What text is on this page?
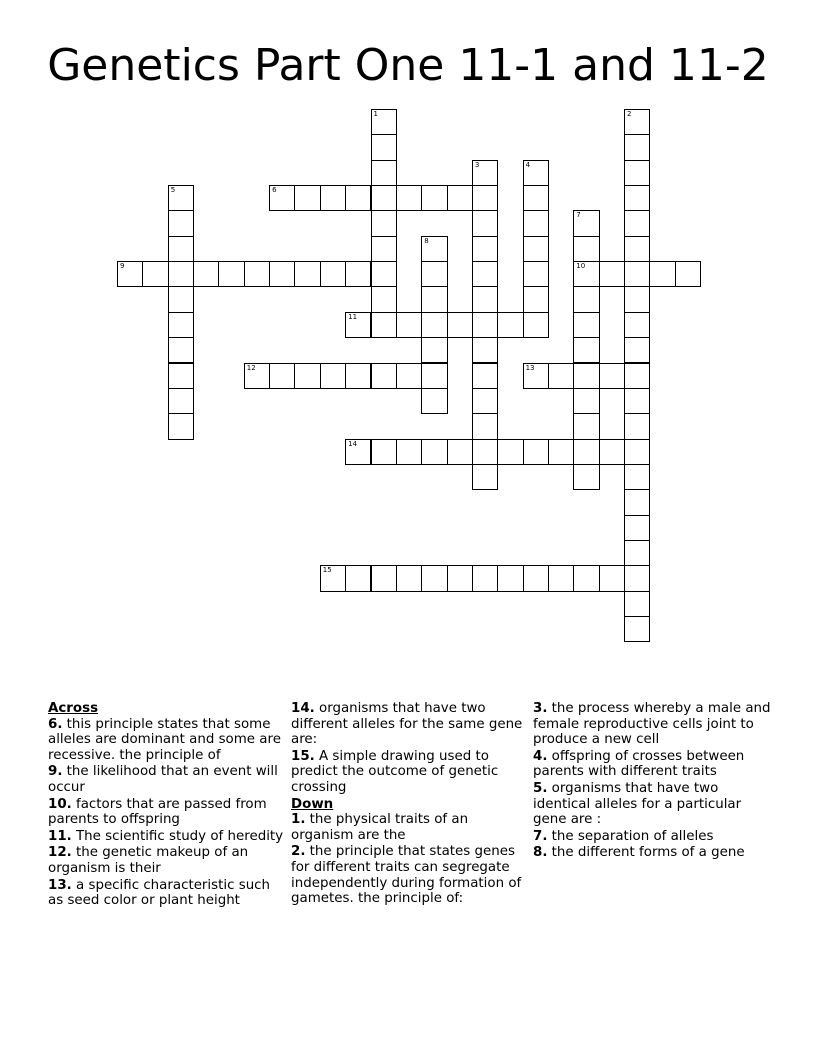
Genetics Part One 11-1 and 11-2
1	2
3	4
5	6
7
10
8
9
11
12	13
14
15
Across
6. this principle states that some alleles are dominant and some are recessive. the principle of
9. the likelihood that an event will occur
10. factors that are passed from parents to offspring
11. The scientific study of heredity
12. the genetic makeup of an organism is their
13. a specific characteristic such as seed color or plant height
14. organisms that have two different alleles for the same gene are:
15. A simple drawing used to predict the outcome of genetic crossing
Down
1. the physical traits of an organism are the
2. the principle that states genes for different traits can segregate independently during formation of gametes. the principle of:
3. the process whereby a male and female reproductive cells joint to produce a new cell
4. offspring of crosses between parents with different traits
5. organisms that have two identical alleles for a particular gene are :
7. the separation of alleles
8. the different forms of a gene
